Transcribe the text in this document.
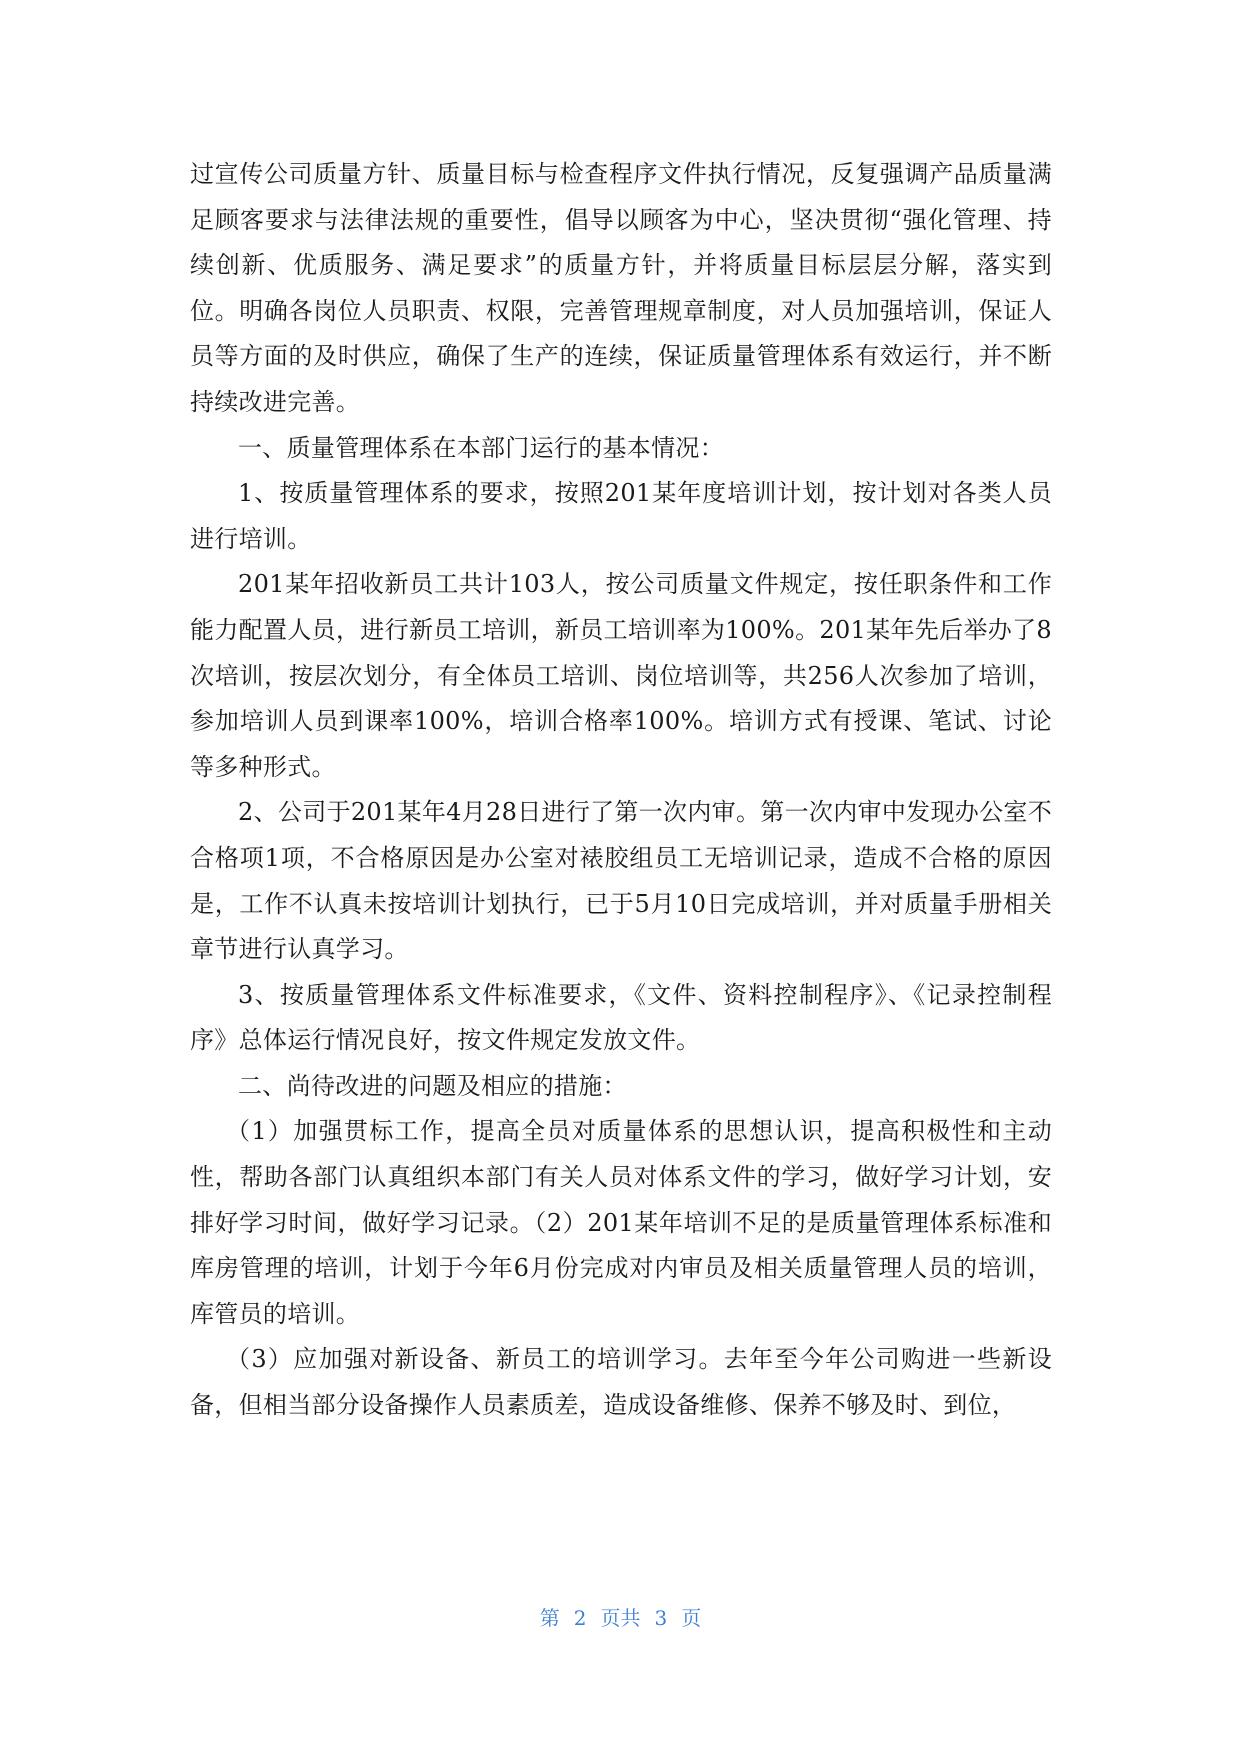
过宣传公司质量方针、质量目标与检查程序文件执行情况，反复强调产品质量满足顾客要求与法律法规的重要性，倡导以顾客为中心，坚决贯彻“强化管理、持续创新、优质服务、满足要求”的质量方针，并将质量目标层层分解，落实到位。明确各岗位人员职责、权限，完善管理规章制度，对人员加强培训，保证人员等方面的及时供应，确保了生产的连续，保证质量管理体系有效运行，并不断持续改进完善。

一、质量管理体系在本部门运行的基本情况：

1、按质量管理体系的要求，按照201某年度培训计划，按计划对各类人员进行培训。

201某年招收新员工共计103人，按公司质量文件规定，按任职条件和工作能力配置人员，进行新员工培训，新员工培训率为100%。201某年先后举办了8次培训，按层次划分，有全体员工培训、岗位培训等，共256人次参加了培训，参加培训人员到课率100%，培训合格率100%。培训方式有授课、笔试、讨论等多种形式。

2、公司于201某年4月28日进行了第一次内审。第一次内审中发现办公室不合格项1项，不合格原因是办公室对裱胶组员工无培训记录，造成不合格的原因是，工作不认真未按培训计划执行，已于5月10日完成培训，并对质量手册相关章节进行认真学习。

3、按质量管理体系文件标准要求，《文件、资料控制程序》、《记录控制程序》总体运行情况良好，按文件规定发放文件。

二、尚待改进的问题及相应的措施：

（1）加强贯标工作，提高全员对质量体系的思想认识，提高积极性和主动性，帮助各部门认真组织本部门有关人员对体系文件的学习，做好学习计划，安排好学习时间，做好学习记录。（2）201某年培训不足的是质量管理体系标准和库房管理的培训，计划于今年6月份完成对内审员及相关质量管理人员的培训，库管员的培训。

（3）应加强对新设备、新员工的培训学习。去年至今年公司购进一些新设备，但相当部分设备操作人员素质差，造成设备维修、保养不够及时、到位，

第 2 页共 3 页
